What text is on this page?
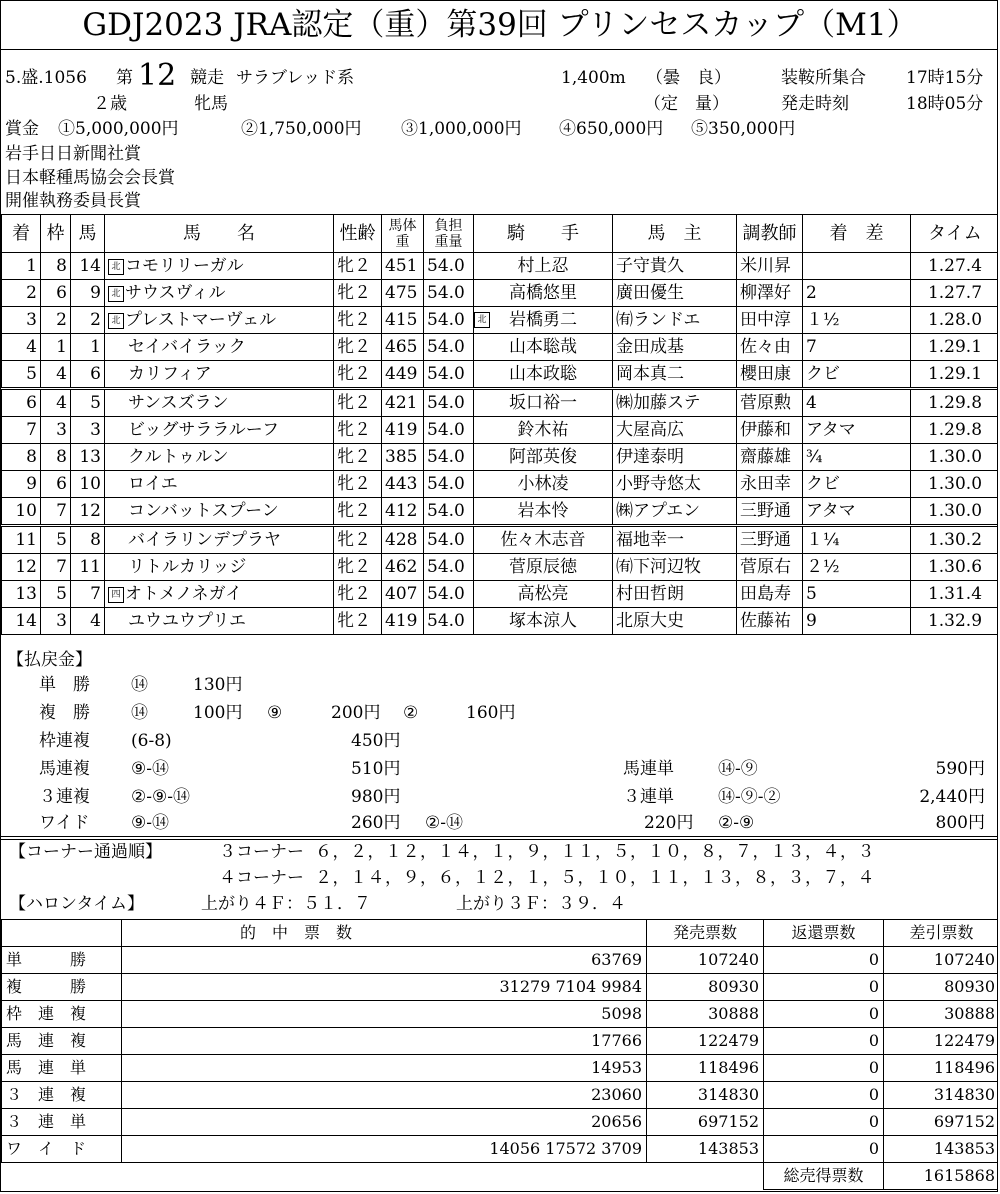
GDJ2023 JRA認定（重）第39回 プリンセスカップ（M1）
5.盛.1056 第 12 競走 サラブレッド系	1,400m （曇　良）	装鞍所集合 17時15分
２歳	牝馬	（定　量）	発走時刻	18時05分
賞金 ①5,000,000円	②1,750,000円 ③1,000,000円 ④650,000円 ⑤350,000円
岩手日日新聞社賞
日本軽種馬協会会長賞
開催執務委員長賞
着	枠	馬	馬　　名	性齢	馬体重	負担重量	騎　　手	馬　主	調教師	着　差	タイム
1	8	14	北 コモリリーガル	牝２	451	54.0	村上忍	子守貴久	米川昇		1.27.4
2	6	9	北 サウスヴィル	牝２	475	54.0	高橋悠里	廣田優生	柳澤好	2	1.27.7
3	2	2	北 プレストマーヴェル	牝２	415	54.0	北 岩橋勇二	㈲ランドエ	田中淳	１½	1.28.0
4	1	1	セイバイラック	牝２	465	54.0	山本聡哉	金田成基	佐々由	7	1.29.1
5	4	6	カリフィア	牝２	449	54.0	山本政聡	岡本真二	櫻田康	クビ	1.29.1
6	4	5	サンスズラン	牝２	421	54.0	坂口裕一	㈱加藤ステ	菅原勲	4	1.29.8
7	3	3	ビッグサララルーフ	牝２	419	54.0	鈴木祐	大屋高広	伊藤和	アタマ	1.29.8
8	8	13	クルトゥルン	牝２	385	54.0	阿部英俊	伊達泰明	齋藤雄	¾	1.30.0
9	6	10	ロイエ	牝２	443	54.0	小林凌	小野寺悠太	永田幸	クビ	1.30.0
10	7	12	コンバットスプーン	牝２	412	54.0	岩本怜	㈱アプエン	三野通	アタマ	1.30.0
11	5	8	バイラリンデプラヤ	牝２	428	54.0	佐々木志音	福地幸一	三野通	１¼	1.30.2
12	7	11	リトルカリッジ	牝２	462	54.0	菅原辰徳	㈲下河辺牧	菅原右	２½	1.30.6
13	5	7	四 オトメノネガイ	牝２	407	54.0	高松亮	村田哲朗	田島寿	5	1.31.4
14	3	4	ユウユウプリエ	牝２	419	54.0	塚本涼人	北原大史	佐藤祐	9	1.32.9
【払戻金】
単　勝 ⑭	130円
複　勝 ⑭	100円 ⑨	200円 ②	160円
枠連複 (6-8)	450円
馬連複 ⑨-⑭	510円	馬連単	⑭-⑨	590円
３連複 ②-⑨-⑭	980円	３連単	⑭-⑨-②	2,440円
ワイド ⑨-⑭	260円 ②-⑭	220円 ②-⑨	800円
【コーナー通過順】	３コーナー ６，２，１２，１４，１，９，１１，５，１０，８，７，１３，４，３
４コーナー ２，１４，９，６，１２，１，５，１０，１１，１３，８，３，７，４
【ハロンタイム】	上がり４Ｆ：５１．７	上がり３Ｆ：３９．４
	的　中　票　数	発売票数	返還票数	差引票数
単　　　勝	63769	107240	0	107240
複　　　勝	31279 7104 9984	80930	0	80930
枠　連　複	5098	30888	0	30888
馬　連　複	17766	122479	0	122479
馬　連　単	14953	118496	0	118496
３　連　複	23060	314830	0	314830
３　連　単	20656	697152	0	697152
ワ　イ　ド	14056 17572 3709	143853	0	143853
			総売得票数	1615868
